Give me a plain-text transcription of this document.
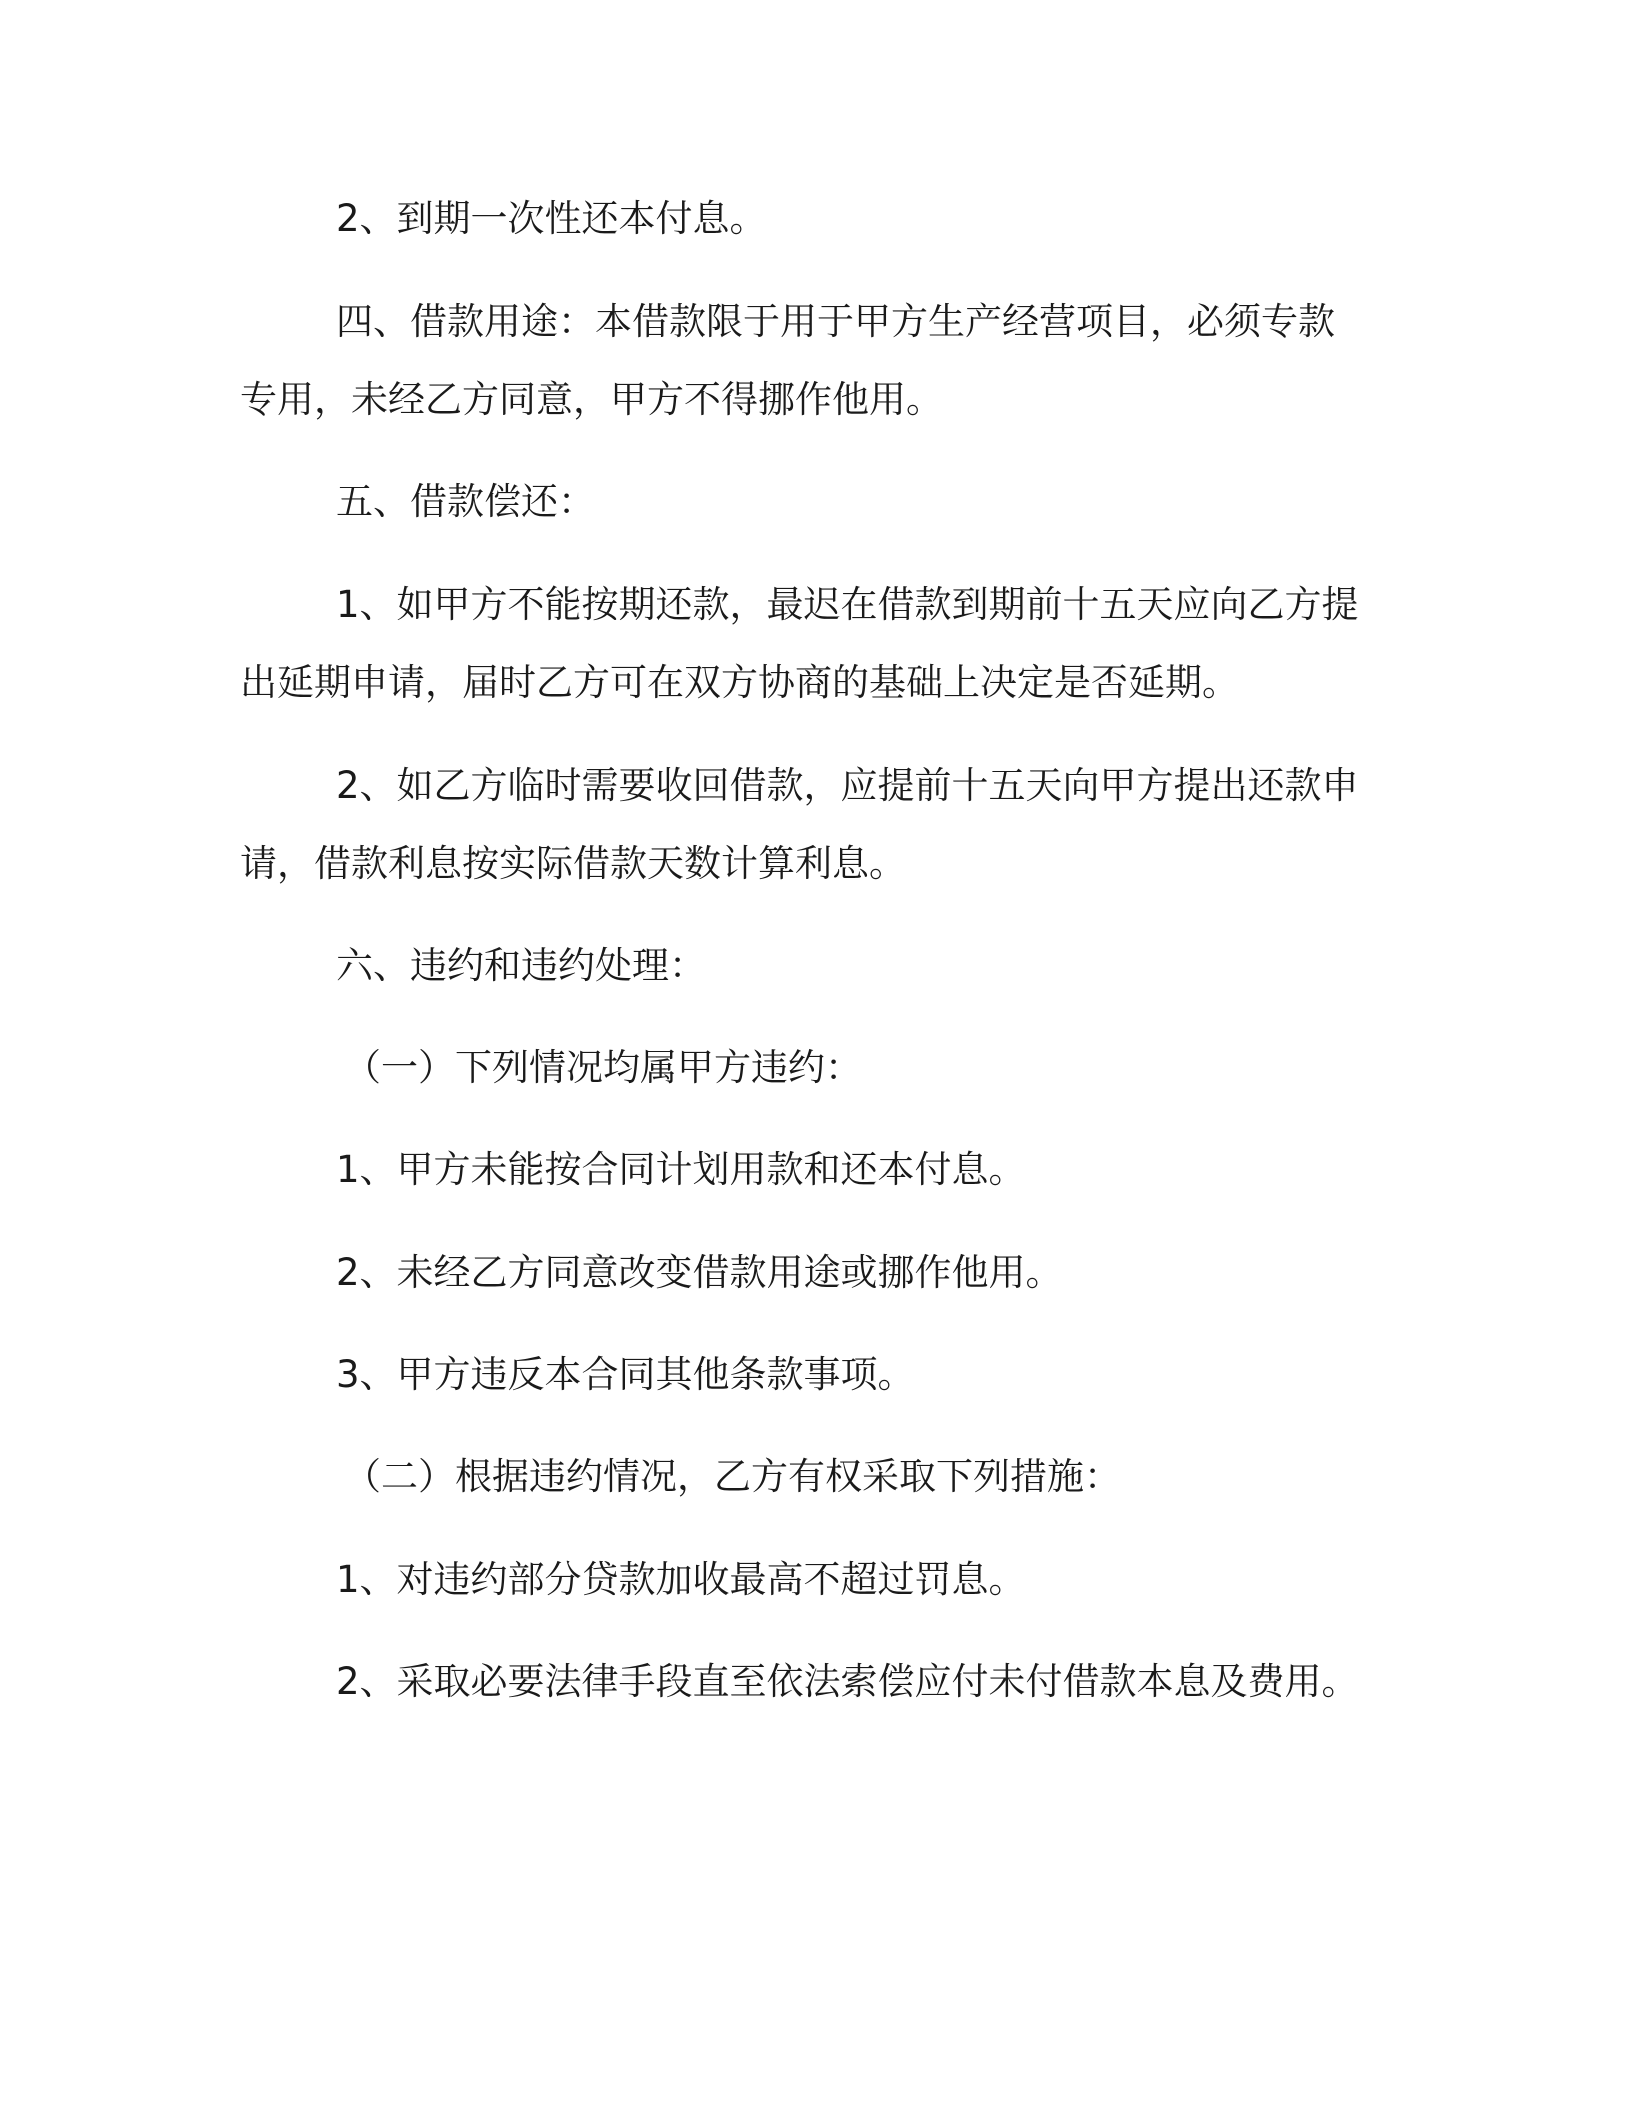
2、到期一次性还本付息。

四、借款用途：本借款限于用于甲方生产经营项目，必须专款专用，未经乙方同意，甲方不得挪作他用。

五、借款偿还：

1、如甲方不能按期还款，最迟在借款到期前十五天应向乙方提出延期申请，届时乙方可在双方协商的基础上决定是否延期。

2、如乙方临时需要收回借款，应提前十五天向甲方提出还款申请，借款利息按实际借款天数计算利息。

六、违约和违约处理：

（一）下列情况均属甲方违约：

1、甲方未能按合同计划用款和还本付息。

2、未经乙方同意改变借款用途或挪作他用。

3、甲方违反本合同其他条款事项。

（二）根据违约情况，乙方有权采取下列措施：

1、对违约部分贷款加收最高不超过罚息。

2、采取必要法律手段直至依法索偿应付未付借款本息及费用。
